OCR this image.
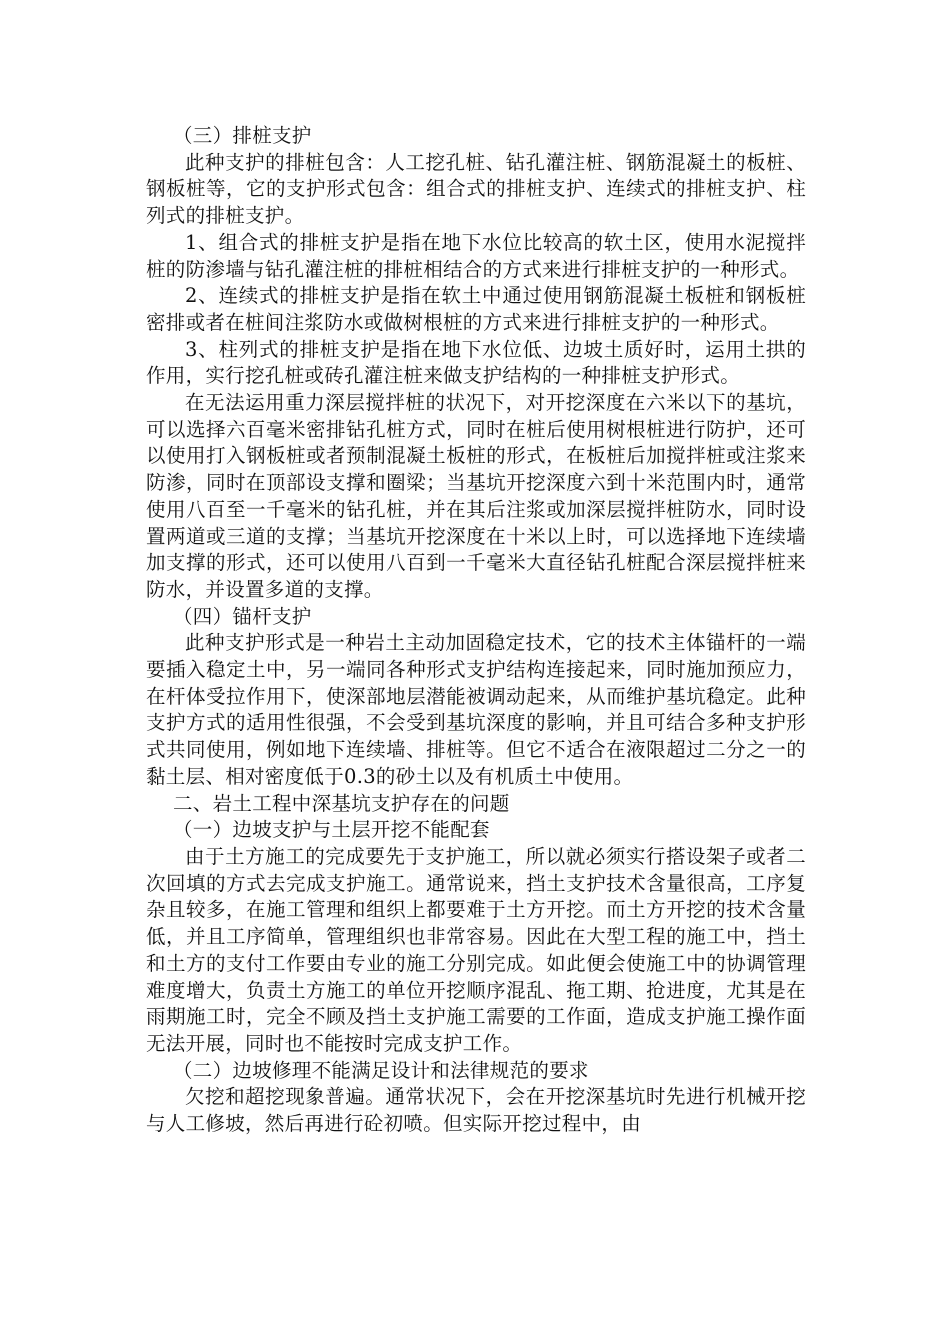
（三）排桩支护

此种支护的排桩包含：人工挖孔桩、钻孔灌注桩、钢筋混凝土的板桩、钢板桩等，它的支护形式包含：组合式的排桩支护、连续式的排桩支护、柱列式的排桩支护。

1、组合式的排桩支护是指在地下水位比较高的软土区，使用水泥搅拌桩的防渗墙与钻孔灌注桩的排桩相结合的方式来进行排桩支护的一种形式。

2、连续式的排桩支护是指在软土中通过使用钢筋混凝土板桩和钢板桩密排或者在桩间注浆防水或做树根桩的方式来进行排桩支护的一种形式。

3、柱列式的排桩支护是指在地下水位低、边坡土质好时，运用土拱的作用，实行挖孔桩或砖孔灌注桩来做支护结构的一种排桩支护形式。

在无法运用重力深层搅拌桩的状况下，对开挖深度在六米以下的基坑，可以选择六百毫米密排钻孔桩方式，同时在桩后使用树根桩进行防护，还可以使用打入钢板桩或者预制混凝土板桩的形式，在板桩后加搅拌桩或注浆来防渗，同时在顶部设支撑和圈梁；当基坑开挖深度六到十米范围内时，通常使用八百至一千毫米的钻孔桩，并在其后注浆或加深层搅拌桩防水，同时设置两道或三道的支撑；当基坑开挖深度在十米以上时，可以选择地下连续墙加支撑的形式，还可以使用八百到一千毫米大直径钻孔桩配合深层搅拌桩来防水，并设置多道的支撑。

（四）锚杆支护

此种支护形式是一种岩土主动加固稳定技术，它的技术主体锚杆的一端要插入稳定土中，另一端同各种形式支护结构连接起来，同时施加预应力，在杆体受拉作用下，使深部地层潜能被调动起来，从而维护基坑稳定。此种支护方式的适用性很强，不会受到基坑深度的影响，并且可结合多种支护形式共同使用，例如地下连续墙、排桩等。但它不适合在液限超过二分之一的黏土层、相对密度低于0.3的砂土以及有机质土中使用。

二、岩土工程中深基坑支护存在的问题

（一）边坡支护与土层开挖不能配套

由于土方施工的完成要先于支护施工，所以就必须实行搭设架子或者二次回填的方式去完成支护施工。通常说来，挡土支护技术含量很高，工序复杂且较多，在施工管理和组织上都要难于土方开挖。而土方开挖的技术含量低，并且工序简单，管理组织也非常容易。因此在大型工程的施工中，挡土和土方的支付工作要由专业的施工分别完成。如此便会使施工中的协调管理难度增大，负责土方施工的单位开挖顺序混乱、拖工期、抢进度，尤其是在雨期施工时，完全不顾及挡土支护施工需要的工作面，造成支护施工操作面无法开展，同时也不能按时完成支护工作。

（二）边坡修理不能满足设计和法律规范的要求

欠挖和超挖现象普遍。通常状况下，会在开挖深基坑时先进行机械开挖与人工修坡，然后再进行砼初喷。但实际开挖过程中，由
